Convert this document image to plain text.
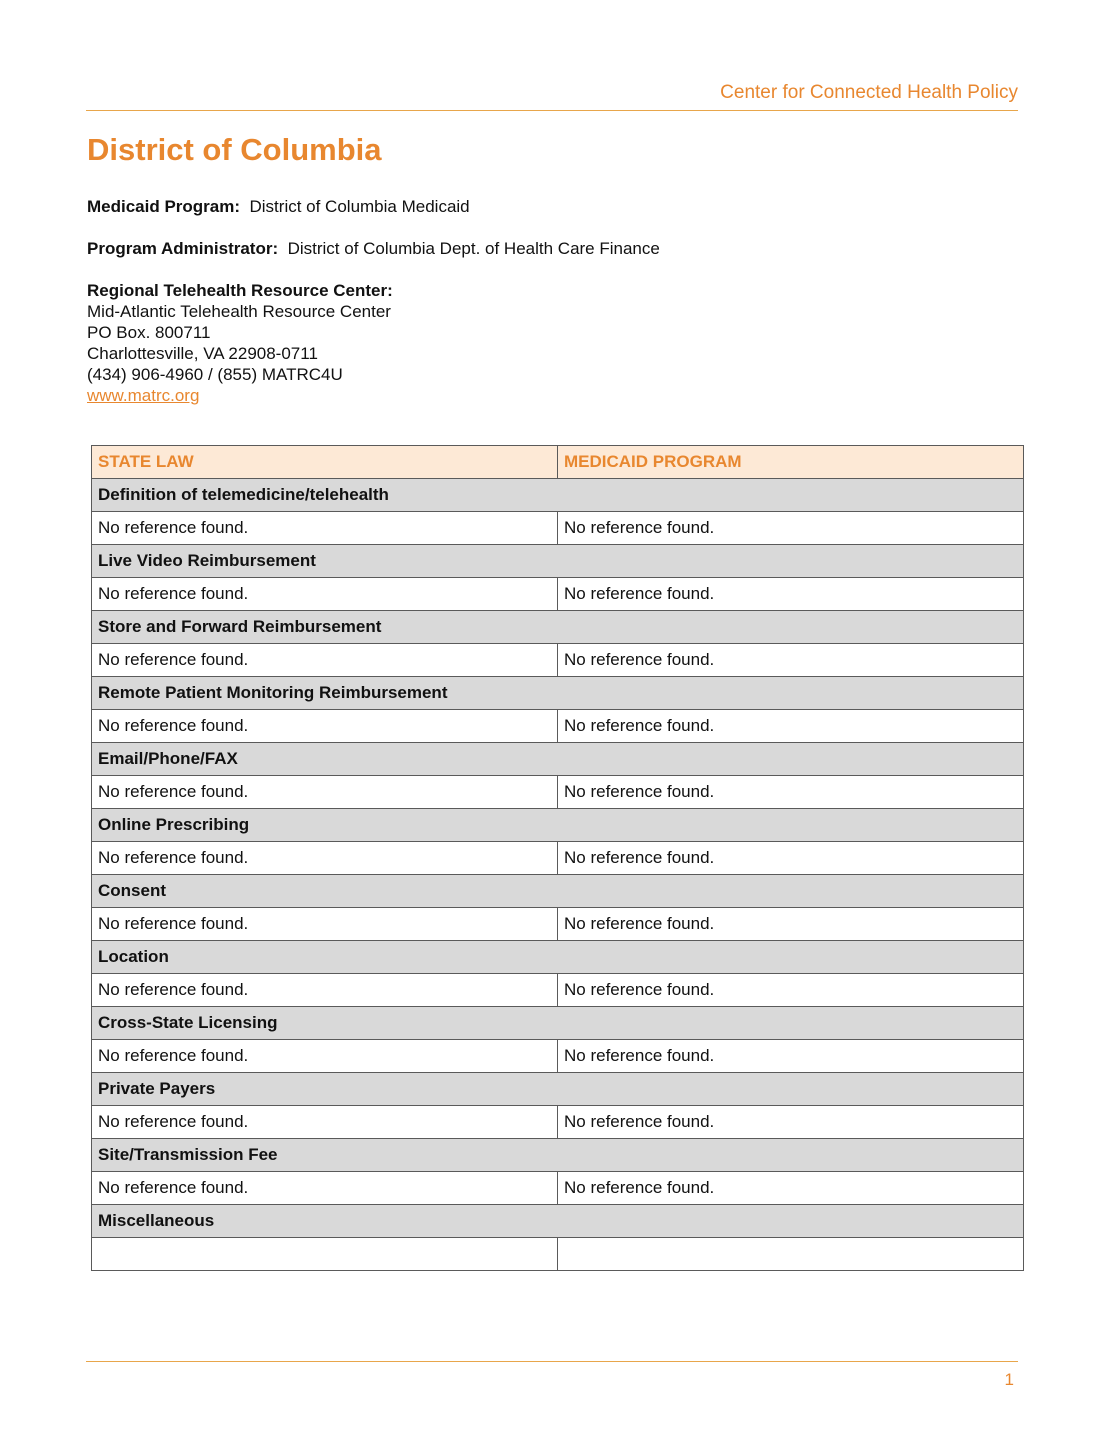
Center for Connected Health Policy
District of Columbia
Medicaid Program: District of Columbia Medicaid
Program Administrator: District of Columbia Dept. of Health Care Finance
Regional Telehealth Resource Center:
Mid-Atlantic Telehealth Resource Center
PO Box. 800711
Charlottesville, VA 22908-0711
(434) 906-4960 / (855) MATRC4U
www.matrc.org
STATE LAW	MEDICAID PROGRAM
Definition of telemedicine/telehealth	
No reference found.	No reference found.
Live Video Reimbursement	
No reference found.	No reference found.
Store and Forward Reimbursement	
No reference found.	No reference found.
Remote Patient Monitoring Reimbursement	
No reference found.	No reference found.
Email/Phone/FAX	
No reference found.	No reference found.
Online Prescribing	
No reference found.	No reference found.
Consent	
No reference found.	No reference found.
Location	
No reference found.	No reference found.
Cross-State Licensing	
No reference found.	No reference found.
Private Payers	
No reference found.	No reference found.
Site/Transmission Fee	
No reference found.	No reference found.
Miscellaneous	

1
